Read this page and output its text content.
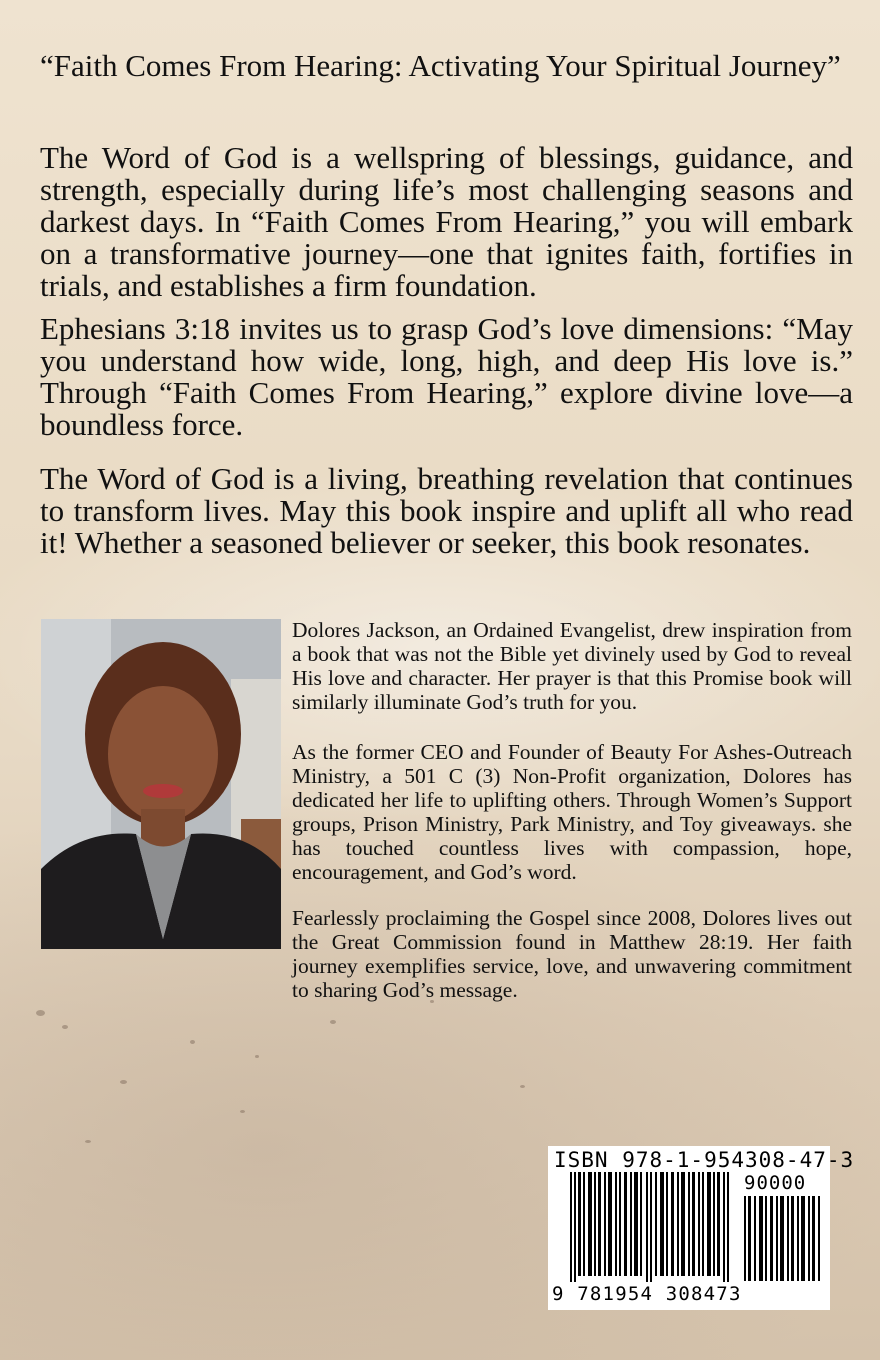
“Faith Comes From Hearing: Activating Your Spiritual Journey”
The Word of God is a wellspring of blessings, guidance, and strength, especially during life’s most challenging seasons and darkest days. In “Faith Comes From Hearing,” you will embark on a transformative journey—one that ignites faith, fortifies in trials, and establishes a firm foundation.
Ephesians 3:18 invites us to grasp God’s love dimensions: “May you understand how wide, long, high, and deep His love is.” Through “Faith Comes From Hearing,” explore divine love—a boundless force.
The Word of God is a living, breathing revelation that continues to transform lives. May this book inspire and uplift all who read it! Whether a seasoned believer or seeker, this book resonates.
Dolores Jackson, an Ordained Evangelist, drew inspiration from a book that was not the Bible yet divinely used by God to reveal His love and character. Her prayer is that this Promise book will similarly illuminate God’s truth for you.
As the former CEO and Founder of Beauty For Ashes-Outreach Ministry, a 501 C (3) Non-Profit organization, Dolores has dedicated her life to uplifting others. Through Women’s Support groups, Prison Ministry, Park Ministry, and Toy giveaways. she has touched countless lives with compassion, hope, encouragement, and God’s word.
Fearlessly proclaiming the Gospel since 2008, Dolores lives out the Great Commission found in Matthew 28:19. Her faith journey exemplifies service, love, and unwavering commitment to sharing God’s message.
ISBN 978-1-954308-47-3
90000
9 781954 308473
